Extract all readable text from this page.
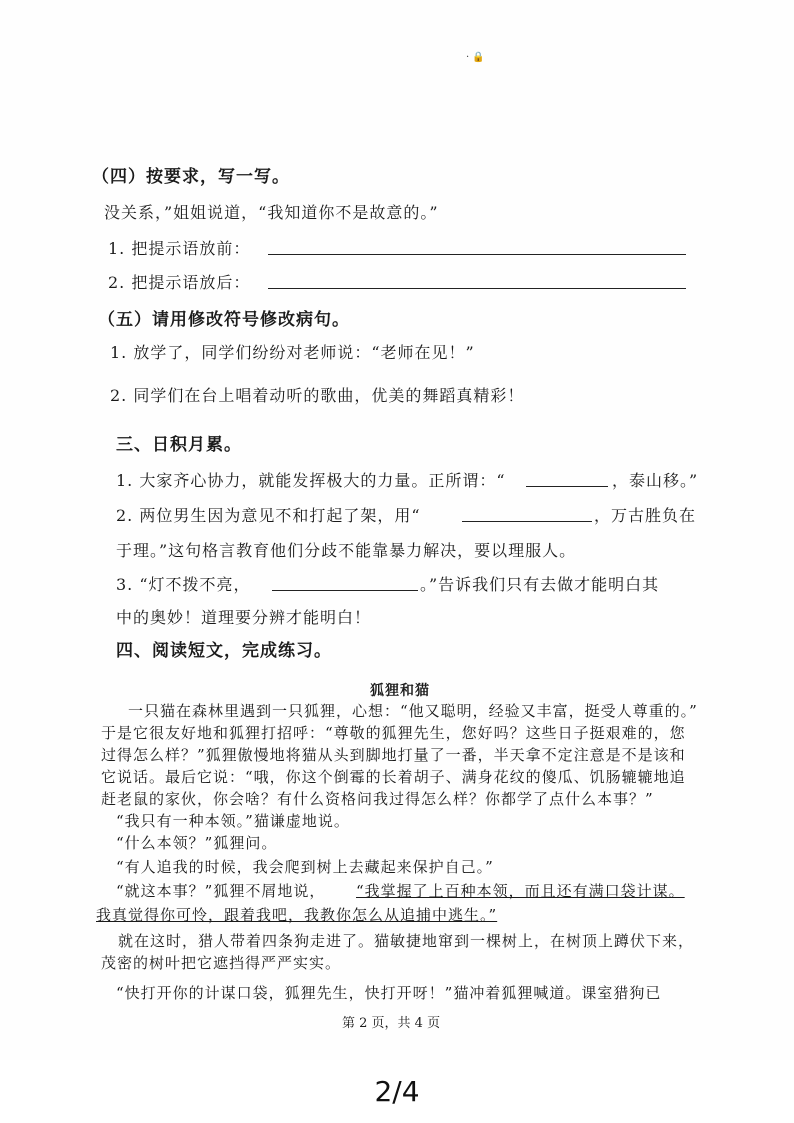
· 🔒
（四）按要求，写一写。
没关系，”姐姐说道，“我知道你不是故意的。”
1. 把提示语放前：
2. 把提示语放后：
（五）请用修改符号修改病句。
1. 放学了，同学们纷纷对老师说：“老师在见！”
2. 同学们在台上唱着动听的歌曲，优美的舞蹈真精彩！
三、日积月累。
1. 大家齐心协力，就能发挥极大的力量。正所谓：“	，泰山移。”
2. 两位男生因为意见不和打起了架，用“	，万古胜负在
于理。”这句格言教育他们分歧不能靠暴力解决，要以理服人。
3. “灯不拨不亮，	。”告诉我们只有去做才能明白其
中的奥妙！道理要分辨才能明白！
四、阅读短文，完成练习。
狐狸和猫
一只猫在森林里遇到一只狐狸，心想：“他又聪明，经验又丰富，挺受人尊重的。”
于是它很友好地和狐狸打招呼：“尊敬的狐狸先生，您好吗？这些日子挺艰难的，您
过得怎么样？”狐狸傲慢地将猫从头到脚地打量了一番，半天拿不定注意是不是该和
它说话。最后它说：“哦，你这个倒霉的长着胡子、满身花纹的傻瓜、饥肠辘辘地追
赶老鼠的家伙，你会啥？有什么资格问我过得怎么样？你都学了点什么本事？”
“我只有一种本领。”猫谦虚地说。
“什么本领？”狐狸问。
“有人追我的时候，我会爬到树上去藏起来保护自己。”
“就这本事？”狐狸不屑地说， “我掌握了上百种本领，而且还有满口袋计谋。
我真觉得你可怜，跟着我吧，我教你怎么从追捕中逃生。”
就在这时，猎人带着四条狗走进了。猫敏捷地窜到一棵树上，在树顶上蹲伏下来，
茂密的树叶把它遮挡得严严实实。
“快打开你的计谋口袋，狐狸先生，快打开呀！”猫冲着狐狸喊道。课室猎狗已
第 2 页，共 4 页
2/4
